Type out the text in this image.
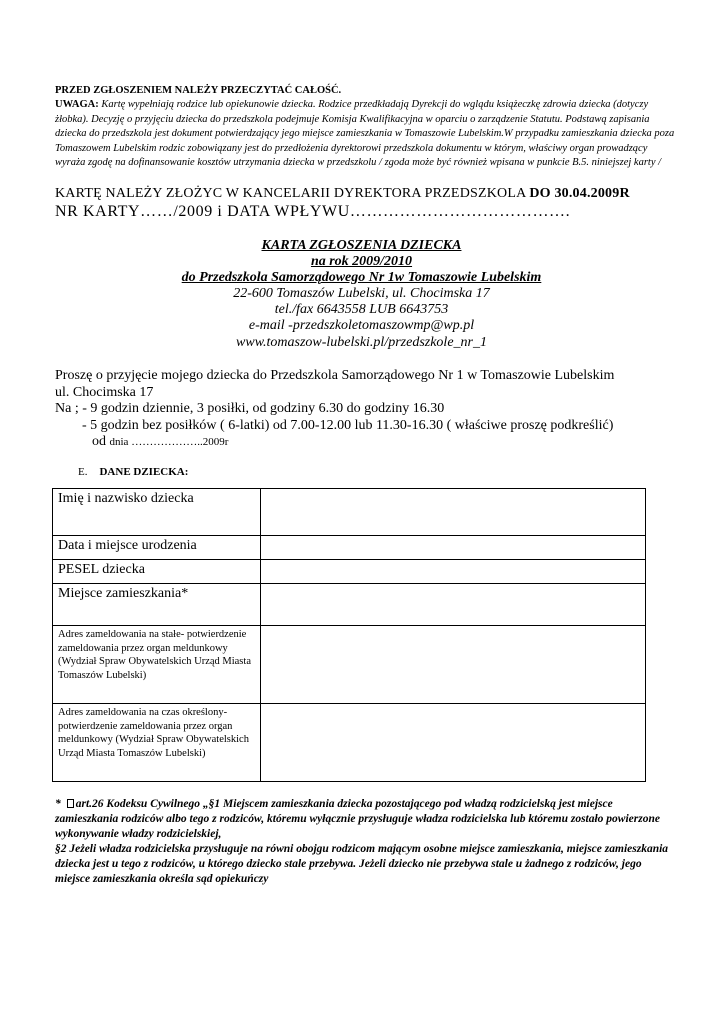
PRZED ZGŁOSZENIEM NALEŻY PRZECZYTAĆ CAŁOŚĆ.

UWAGA: Kartę wypełniają rodzice lub opiekunowie dziecka. Rodzice przedkładają Dyrekcji do wglądu książeczkę zdrowia dziecka (dotyczy żłobka). Decyzję o przyjęciu dziecka do przedszkola podejmuje Komisja Kwalifikacyjna w oparciu o zarządzenie Statutu. Podstawą zapisania dziecka do przedszkola jest dokument potwierdzający jego miejsce zamieszkania w Tomaszowie Lubelskim.W przypadku zamieszkania dziecka poza Tomaszowem Lubelskim rodzic zobowiązany jest do przedłożenia dyrektorowi przedszkola dokumentu w którym, właściwy organ prowadzący wyraża zgodę na dofinansowanie kosztów utrzymania dziecka w przedszkolu / zgoda może być również wpisana w punkcie B.5. niniejszej karty /

KARTĘ NALEŻY ZŁOŻYC W KANCELARII DYREKTORA PRZEDSZKOLA DO 30.04.2009R
NR KARTY……/2009 i DATA WPŁYWU………………………………….
KARTA ZGŁOSZENIA DZIECKA
na rok 2009/2010
do Przedszkola Samorządowego Nr 1w Tomaszowie Lubelskim
22-600 Tomaszów Lubelski, ul. Chocimska 17
tel./fax 6643558 LUB 6643753
e-mail -przedszkoletomaszowmp@wp.pl
www.tomaszow-lubelski.pl/przedszkole_nr_1
Proszę o przyjęcie mojego dziecka do Przedszkola Samorządowego Nr 1 w Tomaszowie Lubelskim
ul. Chocimska 17
Na ; - 9 godzin dziennie, 3 posiłki, od godziny 6.30 do godziny 16.30
- 5 godzin bez posiłków ( 6-latki) od 7.00-12.00 lub 11.30-16.30 ( właściwe proszę podkreślić)
od dnia ………………..2009r
E. DANE DZIECKA:
Imię i nazwisko dziecka	
Data i miejsce urodzenia	
PESEL dziecka	
Miejsce zamieszkania*	
Adres zameldowania na stałe- potwierdzenie zameldowania przez organ meldunkowy (Wydział Spraw Obywatelskich Urząd Miasta Tomaszów Lubelski)	
Adres zameldowania na czas określony- potwierdzenie zameldowania przez organ meldunkowy (Wydział Spraw Obywatelskich Urząd Miasta Tomaszów Lubelski)	

* art.26 Kodeksu Cywilnego „§1 Miejscem zamieszkania dziecka pozostającego pod władzą rodzicielską jest miejsce zamieszkania rodziców albo tego z rodziców, któremu wyłącznie przysługuje władza rodzicielska lub któremu zostało powierzone wykonywanie władzy rodzicielskiej,

§2 Jeżeli władza rodzicielska przysługuje na równi obojgu rodzicom mającym osobne miejsce zamieszkania, miejsce zamieszkania dziecka jest u tego z rodziców, u którego dziecko stale przebywa. Jeżeli dziecko nie przebywa stale u żadnego z rodziców, jego miejsce zamieszkania określa sąd opiekuńczy
